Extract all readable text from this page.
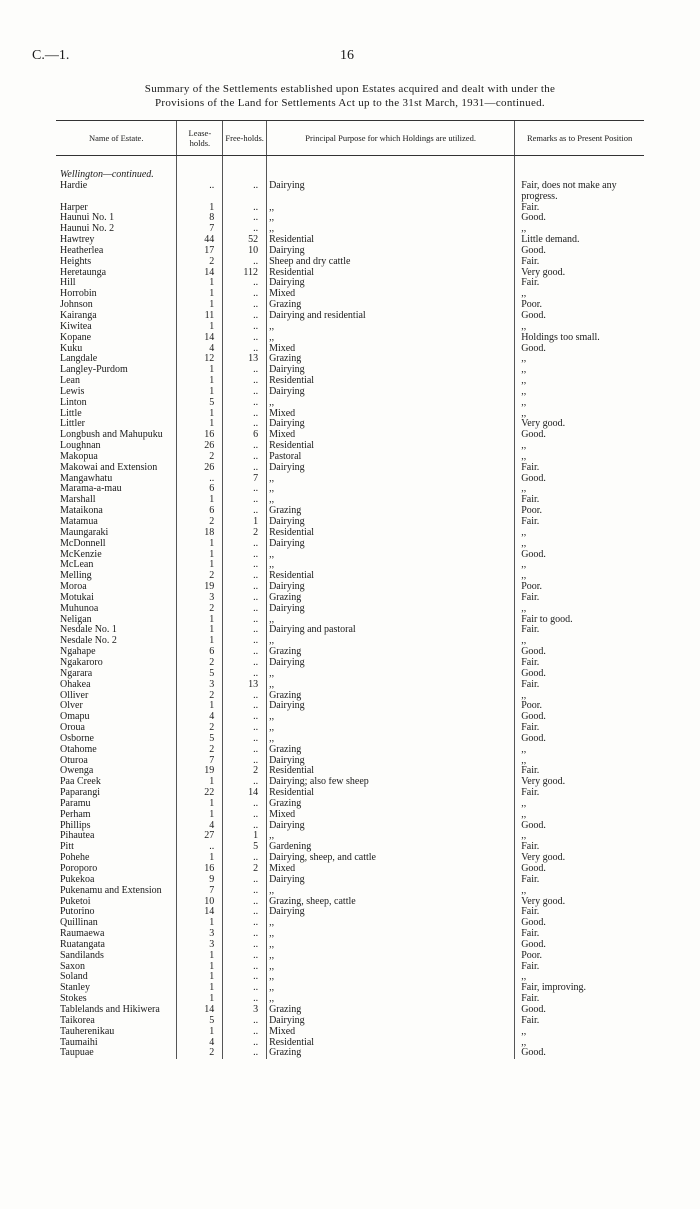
C.—1.	16
Summary of the Settlements established upon Estates acquired and dealt with under the
Provisions of the Land for Settlements Act up to the 31st March, 1931—continued.
Name of Estate.	Lease-holds.	Free-holds.	Principal Purpose for which Holdings are utilized.	Remarks as to Present Position

Wellington—continued.				
Hardie	..	..	Dairying	Fair, does not make any
				progress.
Harper	1	..	,,	Fair.
Haunui No. 1	8	..	,,	Good.
Haunui No. 2	7	..	,,	,,
Hawtrey	44	52	Residential	Little demand.
Heatherlea	17	10	Dairying	Good.
Heights	2	..	Sheep and dry cattle	Fair.
Heretaunga	14	112	Residential	Very good.
Hill	1	..	Dairying	Fair.
Horrobin	1	..	Mixed	,,
Johnson	1	..	Grazing	Poor.
Kairanga	11	..	Dairying and residential	Good.
Kiwitea	1	..	,,	,,
Kopane	14	..	,,	Holdings too small.
Kuku	4	..	Mixed	Good.
Langdale	12	13	Grazing	,,
Langley-Purdom	1	..	Dairying	,,
Lean	1	..	Residential	,,
Lewis	1	..	Dairying	,,
Linton	5	..	,,	,,
Little	1	..	Mixed	,,
Littler	1	..	Dairying	Very good.
Longbush and Mahupuku	16	6	Mixed	Good.
Loughnan	26	..	Residential	,,
Makopua	2	..	Pastoral	,,
Makowai and Extension	26	..	Dairying	Fair.
Mangawhatu	..	7	,,	Good.
Marama-a-mau	6	..	,,	,,
Marshall	1	..	,,	Fair.
Mataikona	6	..	Grazing	Poor.
Matamua	2	1	Dairying	Fair.
Maungaraki	18	2	Residential	,,
McDonnell	1	..	Dairying	,,
McKenzie	1	..	,,	Good.
McLean	1	..	,,	,,
Melling	2	..	Residential	,,
Moroa	19	..	Dairying	Poor.
Motukai	3	..	Grazing	Fair.
Muhunoa	2	..	Dairying	,,
Neligan	1	..	,,	Fair to good.
Nesdale No. 1	1	..	Dairying and pastoral	Fair.
Nesdale No. 2	1	..	,,	,,
Ngahape	6	..	Grazing	Good.
Ngakaroro	2	..	Dairying	Fair.
Ngarara	5	..	,,	Good.
Ohakea	3	13	,,	Fair.
Olliver	2	..	Grazing	,,
Olver	1	..	Dairying	Poor.
Omapu	4	..	,,	Good.
Oroua	2	..	,,	Fair.
Osborne	5	..	,,	Good.
Otahome	2	..	Grazing	,,
Oturoa	7	..	Dairying	,,
Owenga	19	2	Residential	Fair.
Paa Creek	1	..	Dairying; also few sheep	Very good.
Paparangi	22	14	Residential	Fair.
Paramu	1	..	Grazing	,,
Perham	1	..	Mixed	,,
Phillips	4	..	Dairying	Good.
Pihautea	27	1	,,	,,
Pitt	..	5	Gardening	Fair.
Pohehe	1	..	Dairying, sheep, and cattle	Very good.
Poroporo	16	2	Mixed	Good.
Pukekoa	9	..	Dairying	Fair.
Pukenamu and Extension	7	..	,,	,,
Puketoi	10	..	Grazing, sheep, cattle	Very good.
Putorino	14	..	Dairying	Fair.
Quillinan	1	..	,,	Good.
Raumaewa	3	..	,,	Fair.
Ruatangata	3	..	,,	Good.
Sandilands	1	..	,,	Poor.
Saxon	1	..	,,	Fair.
Soland	1	..	,,	,,
Stanley	1	..	,,	Fair, improving.
Stokes	1	..	,,	Fair.
Tablelands and Hikiwera	14	3	Grazing	Good.
Taikorea	5	..	Dairying	Fair.
Tauherenikau	1	..	Mixed	,,
Taumaihi	4	..	Residential	,,
Taupuae	2	..	Grazing	Good.
